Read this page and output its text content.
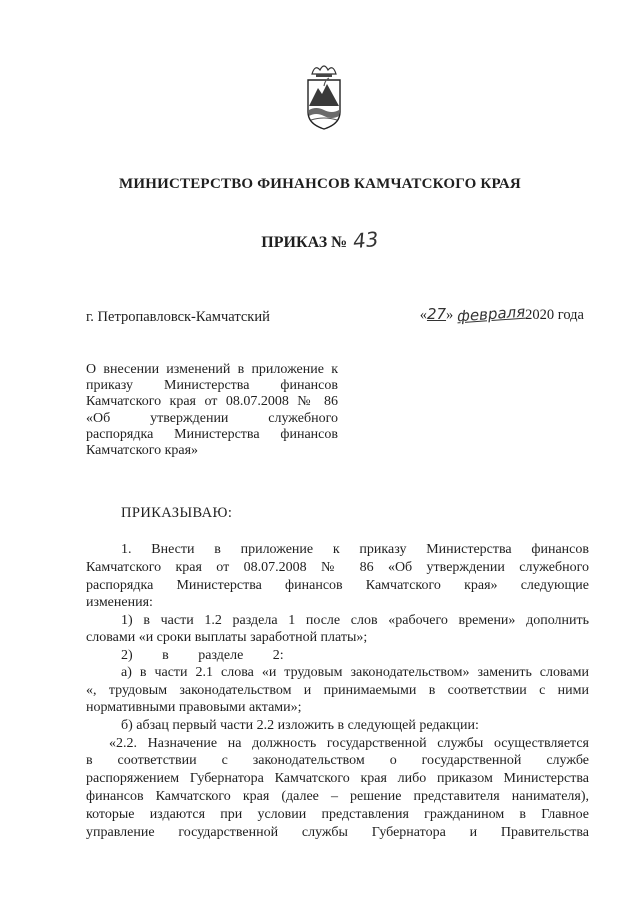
МИНИСТЕРСТВО ФИНАНСОВ КАМЧАТСКОГО КРАЯ
ПРИКАЗ № 43
г. Петропавловск-Камчатский	«27» февраля2020 года
О внесении изменений в приложение к
приказу Министерства финансов
Камчатского края от 08.07.2008 № 86
«Об утверждении служебного
распорядка Министерства финансов
Камчатского края»
ПРИКАЗЫВАЮ:
1. Внести в приложение к приказу Министерства финансов
Камчатского края от 08.07.2008 № 86 «Об утверждении служебного
распорядка Министерства финансов Камчатского края» следующие
изменения:
1) в части 1.2 раздела 1 после слов «рабочего времени» дополнить
словами «и сроки выплаты заработной платы»;
2) в разделе 2:
а) в части 2.1 слова «и трудовым законодательством» заменить словами
«, трудовым законодательством и принимаемыми в соответствии с ними
нормативными правовыми актами»;
б) абзац первый части 2.2 изложить в следующей редакции:
«2.2. Назначение на должность государственной службы осуществляется
в соответствии с законодательством о государственной службе
распоряжением Губернатора Камчатского края либо приказом Министерства
финансов Камчатского края (далее – решение представителя нанимателя),
которые издаются при условии представления гражданином в Главное
управление государственной службы Губернатора и Правительства
